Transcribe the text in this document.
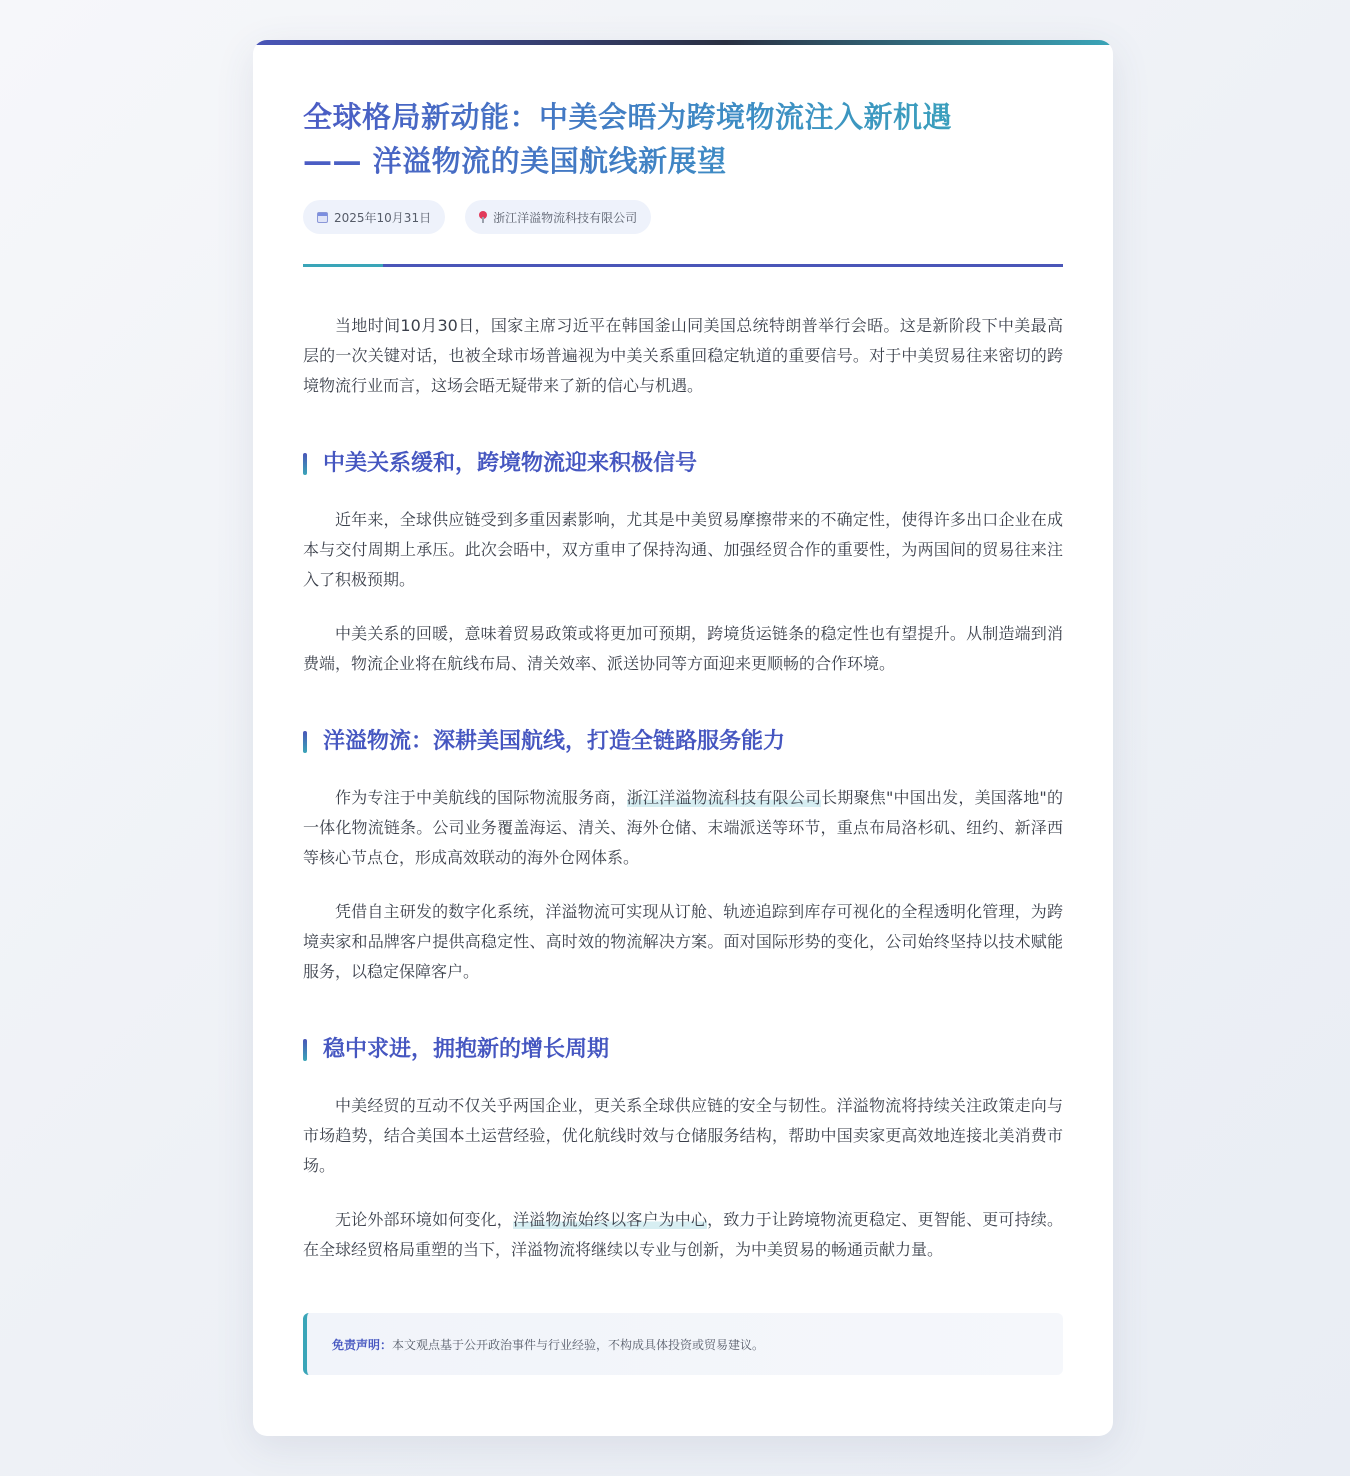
全球格局新动能：中美会晤为跨境物流注入新机遇
—— 洋溢物流的美国航线新展望
2025年10月31日	浙江洋溢物流科技有限公司

当地时间10月30日，国家主席习近平在韩国釜山同美国总统特朗普举行会晤。这是新阶段下中美最高层的一次关键对话，也被全球市场普遍视为中美关系重回稳定轨道的重要信号。对于中美贸易往来密切的跨境物流行业而言，这场会晤无疑带来了新的信心与机遇。

中美关系缓和，跨境物流迎来积极信号

近年来，全球供应链受到多重因素影响，尤其是中美贸易摩擦带来的不确定性，使得许多出口企业在成本与交付周期上承压。此次会晤中，双方重申了保持沟通、加强经贸合作的重要性，为两国间的贸易往来注入了积极预期。

中美关系的回暖，意味着贸易政策或将更加可预期，跨境货运链条的稳定性也有望提升。从制造端到消费端，物流企业将在航线布局、清关效率、派送协同等方面迎来更顺畅的合作环境。

洋溢物流：深耕美国航线，打造全链路服务能力

作为专注于中美航线的国际物流服务商，浙江洋溢物流科技有限公司长期聚焦"中国出发，美国落地"的一体化物流链条。公司业务覆盖海运、清关、海外仓储、末端派送等环节，重点布局洛杉矶、纽约、新泽西等核心节点仓，形成高效联动的海外仓网体系。

凭借自主研发的数字化系统，洋溢物流可实现从订舱、轨迹追踪到库存可视化的全程透明化管理，为跨境卖家和品牌客户提供高稳定性、高时效的物流解决方案。面对国际形势的变化，公司始终坚持以技术赋能服务，以稳定保障客户。

稳中求进，拥抱新的增长周期

中美经贸的互动不仅关乎两国企业，更关系全球供应链的安全与韧性。洋溢物流将持续关注政策走向与市场趋势，结合美国本土运营经验，优化航线时效与仓储服务结构，帮助中国卖家更高效地连接北美消费市场。

无论外部环境如何变化，洋溢物流始终以客户为中心，致力于让跨境物流更稳定、更智能、更可持续。在全球经贸格局重塑的当下，洋溢物流将继续以专业与创新，为中美贸易的畅通贡献力量。

免责声明： 本文观点基于公开政治事件与行业经验，不构成具体投资或贸易建议。
